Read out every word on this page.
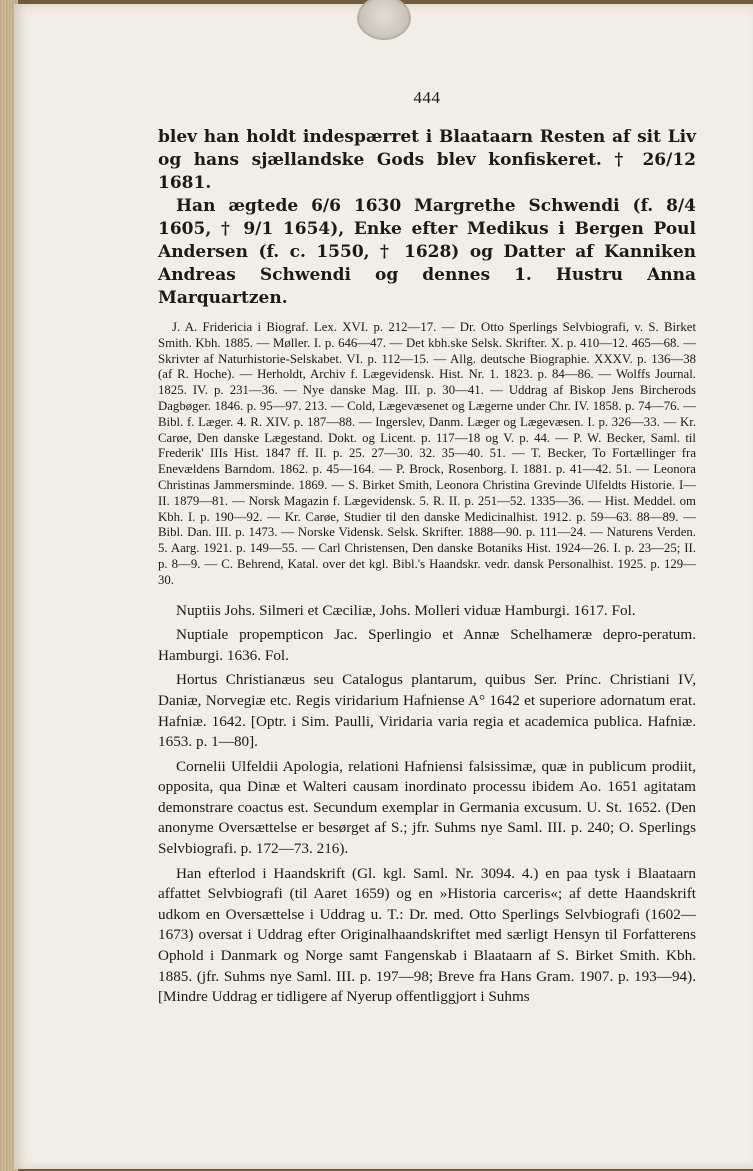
444

blev han holdt indespærret i Blaataarn Resten af sit Liv og hans sjællandske Gods blev konfiskeret. † 26/12 1681.

Han ægtede 6/6 1630 Margrethe Schwendi (f. 8/4 1605, † 9/1 1654), Enke efter Medikus i Bergen Poul Andersen (f. c. 1550, † 1628) og Datter af Kanniken Andreas Schwendi og dennes 1. Hustru Anna Marquartzen.

J. A. Fridericia i Biograf. Lex. XVI. p. 212—17. — Dr. Otto Sperlings Selvbiografi, v. S. Birket Smith. Kbh. 1885. — Møller. I. p. 646—47. — Det kbh.ske Selsk. Skrifter. X. p. 410—12. 465—68. — Skrivter af Naturhistorie-Selskabet. VI. p. 112—15. — Allg. deutsche Biographie. XXXV. p. 136—38 (af R. Hoche). — Herholdt, Archiv f. Lægevidensk. Hist. Nr. 1. 1823. p. 84—86. — Wolffs Journal. 1825. IV. p. 231—36. — Nye danske Mag. III. p. 30—41. — Uddrag af Biskop Jens Bircherods Dagbøger. 1846. p. 95—97. 213. — Cold, Lægevæsenet og Lægerne under Chr. IV. 1858. p. 74—76. — Bibl. f. Læger. 4. R. XIV. p. 187—88. — Ingerslev, Danm. Læger og Lægevæsen. I. p. 326—33. — Kr. Carøe, Den danske Lægestand. Dokt. og Licent. p. 117—18 og V. p. 44. — P. W. Becker, Saml. til Frederik' IIIs Hist. 1847 ff. II. p. 25. 27—30. 32. 35—40. 51. — T. Becker, To Fortællinger fra Enevældens Barndom. 1862. p. 45—164. — P. Brock, Rosenborg. I. 1881. p. 41—42. 51. — Leonora Christinas Jammersminde. 1869. — S. Birket Smith, Leonora Christina Grevinde Ulfeldts Historie. I—II. 1879—81. — Norsk Magazin f. Lægevidensk. 5. R. II. p. 251—52. 1335—36. — Hist. Meddel. om Kbh. I. p. 190—92. — Kr. Carøe, Studier til den danske Medicinalhist. 1912. p. 59—63. 88—89. — Bibl. Dan. III. p. 1473. — Norske Vidensk. Selsk. Skrifter. 1888—90. p. 111—24. — Naturens Verden. 5. Aarg. 1921. p. 149—55. — Carl Christensen, Den danske Botaniks Hist. 1924—26. I. p. 23—25; II. p. 8—9. — C. Behrend, Katal. over det kgl. Bibl.'s Haandskr. vedr. dansk Personalhist. 1925. p. 129—30.

Nuptiis Johs. Silmeri et Cæciliæ, Johs. Molleri viduæ Hamburgi. 1617. Fol.

Nuptiale propempticon Jac. Sperlingio et Annæ Schelhameræ depro-peratum. Hamburgi. 1636. Fol.

Hortus Christianæus seu Catalogus plantarum, quibus Ser. Princ. Christiani IV, Daniæ, Norvegiæ etc. Regis viridarium Hafniense A° 1642 et superiore adornatum erat. Hafniæ. 1642. [Optr. i Sim. Paulli, Viridaria varia regia et academica publica. Hafniæ. 1653. p. 1—80].

Cornelii Ulfeldii Apologia, relationi Hafniensi falsissimæ, quæ in publicum prodiit, opposita, qua Dinæ et Walteri causam inordinato processu ibidem Ao. 1651 agitatam demonstrare coactus est. Secundum exemplar in Germania excusum. U. St. 1652. (Den anonyme Oversættelse er besørget af S.; jfr. Suhms nye Saml. III. p. 240; O. Sperlings Selvbiografi. p. 172—73. 216).

Han efterlod i Haandskrift (Gl. kgl. Saml. Nr. 3094. 4.) en paa tysk i Blaataarn affattet Selvbiografi (til Aaret 1659) og en »Historia carceris«; af dette Haandskrift udkom en Oversættelse i Uddrag u. T.: Dr. med. Otto Sperlings Selvbiografi (1602—1673) oversat i Uddrag efter Originalhaandskriftet med særligt Hensyn til Forfatterens Ophold i Danmark og Norge samt Fangenskab i Blaataarn af S. Birket Smith. Kbh. 1885. (jfr. Suhms nye Saml. III. p. 197—98; Breve fra Hans Gram. 1907. p. 193—94). [Mindre Uddrag er tidligere af Nyerup offentliggjort i Suhms
